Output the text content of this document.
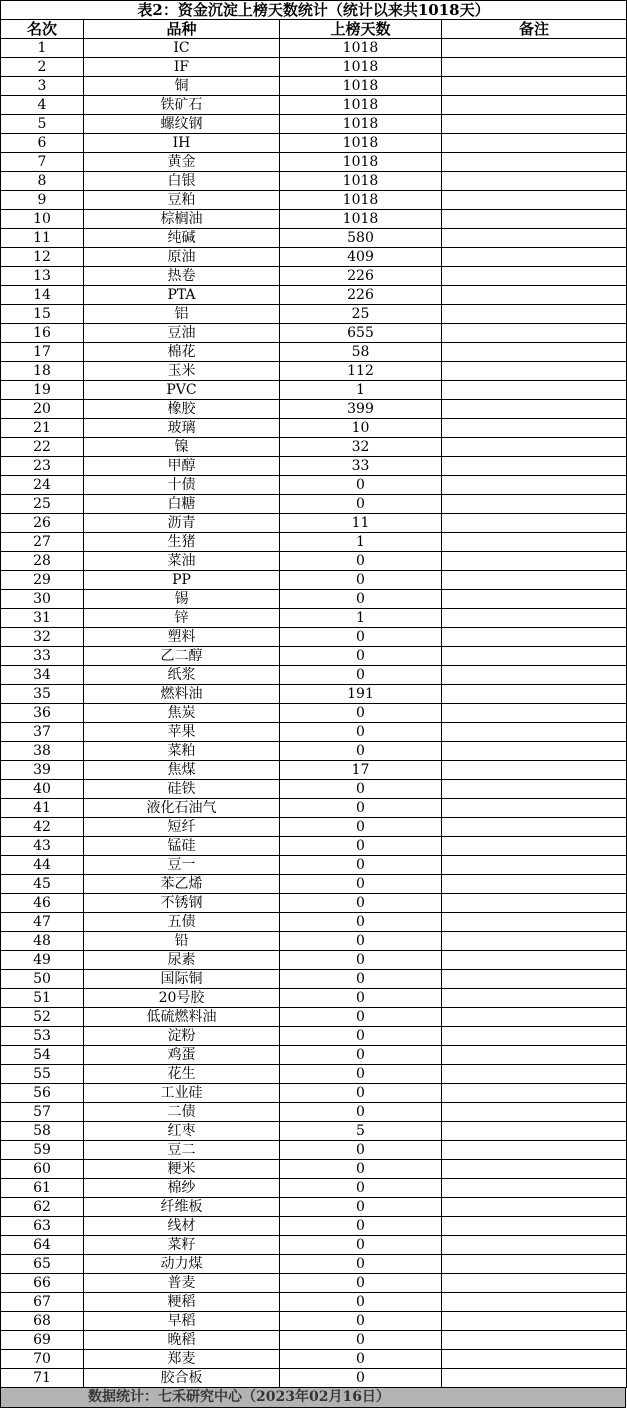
表2：资金沉淀上榜天数统计（统计以来共1018天）			
名次	品种	上榜天数	备注
1	IC	1018	
2	IF	1018	
3	铜	1018	
4	铁矿石	1018	
5	螺纹钢	1018	
6	IH	1018	
7	黄金	1018	
8	白银	1018	
9	豆粕	1018	
10	棕榈油	1018	
11	纯碱	580	
12	原油	409	
13	热卷	226	
14	PTA	226	
15	铝	25	
16	豆油	655	
17	棉花	58	
18	玉米	112	
19	PVC	1	
20	橡胶	399	
21	玻璃	10	
22	镍	32	
23	甲醇	33	
24	十债	0	
25	白糖	0	
26	沥青	11	
27	生猪	1	
28	菜油	0	
29	PP	0	
30	锡	0	
31	锌	1	
32	塑料	0	
33	乙二醇	0	
34	纸浆	0	
35	燃料油	191	
36	焦炭	0	
37	苹果	0	
38	菜粕	0	
39	焦煤	17	
40	硅铁	0	
41	液化石油气	0	
42	短纤	0	
43	锰硅	0	
44	豆一	0	
45	苯乙烯	0	
46	不锈钢	0	
47	五债	0	
48	铅	0	
49	尿素	0	
50	国际铜	0	
51	20号胶	0	
52	低硫燃料油	0	
53	淀粉	0	
54	鸡蛋	0	
55	花生	0	
56	工业硅	0	
57	二债	0	
58	红枣	5	
59	豆二	0	
60	粳米	0	
61	棉纱	0	
62	纤维板	0	
63	线材	0	
64	菜籽	0	
65	动力煤	0	
66	普麦	0	
67	粳稻	0	
68	早稻	0	
69	晚稻	0	
70	郑麦	0	
71	胶合板	0	
数据统计：七禾研究中心（2023年02月16日）
